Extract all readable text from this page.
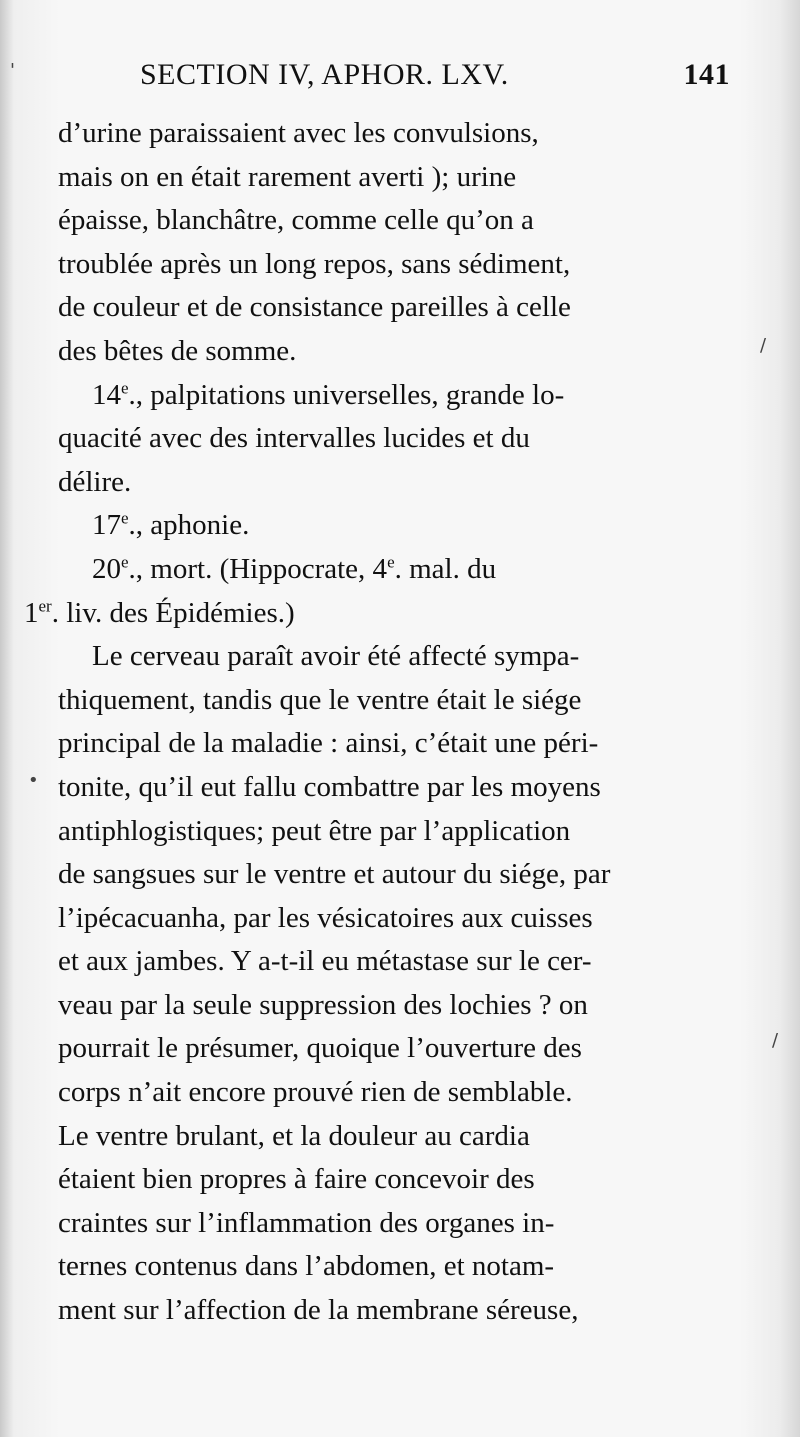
SECTION IV, APHOR. LXV.	141

d’urine paraissaient avec les convulsions,
mais on en était rarement averti ); urine
épaisse, blanchâtre, comme celle qu’on a
troublée après un long repos, sans sédiment,
de couleur et de consistance pareilles à celle
des bêtes de somme.

14e., palpitations universelles, grande lo-
quacité avec des intervalles lucides et du
délire.

17e., aphonie.

20e., mort. (Hippocrate, 4e. mal. du
1er. liv. des Épidémies.)

Le cerveau paraît avoir été affecté sympa-
thiquement, tandis que le ventre était le siége
principal de la maladie : ainsi, c’était une péri-
tonite, qu’il eut fallu combattre par les moyens
antiphlogistiques; peut être par l’application
de sangsues sur le ventre et autour du siége, par
l’ipécacuanha, par les vésicatoires aux cuisses
et aux jambes. Y a-t-il eu métastase sur le cer-
veau par la seule suppression des lochies ? on
pourrait le présumer, quoique l’ouverture des
corps n’ait encore prouvé rien de semblable.
Le ventre brulant, et la douleur au cardia
étaient bien propres à faire concevoir des
craintes sur l’inflammation des organes in-
ternes contenus dans l’abdomen, et notam-
ment sur l’affection de la membrane séreuse,

'
•
/
/
